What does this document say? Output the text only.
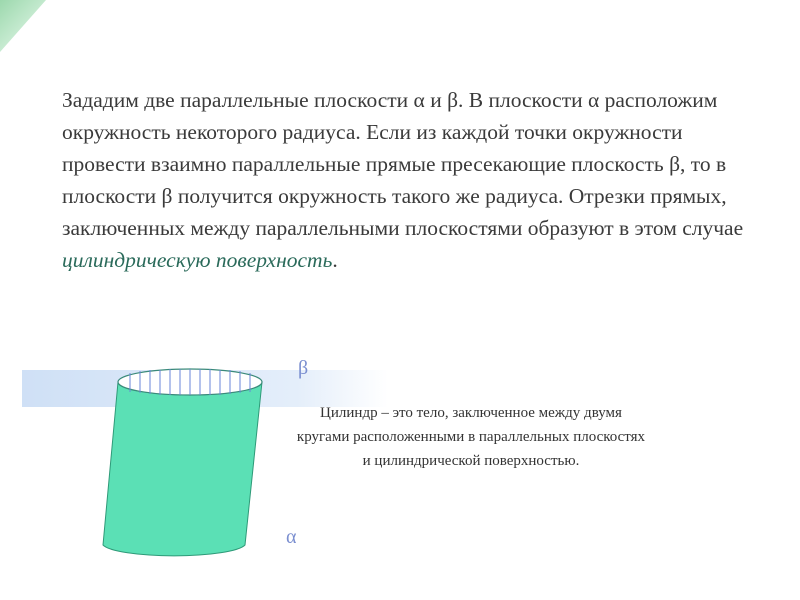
Зададим две параллельные плоскости α и β. В плоскости α расположим окружность некоторого радиуса. Если из каждой точки окружности провести взаимно параллельные прямые пресекающие плоскость β, то в плоскости β получится окружность такого же радиуса. Отрезки прямых, заключенных между параллельными плоскостями образуют в этом случае цилиндрическую поверхность.

β
α

Цилиндр – это тело, заключенное между двумя кругами расположенными в параллельных плоскостях и цилиндрической поверхностью.
